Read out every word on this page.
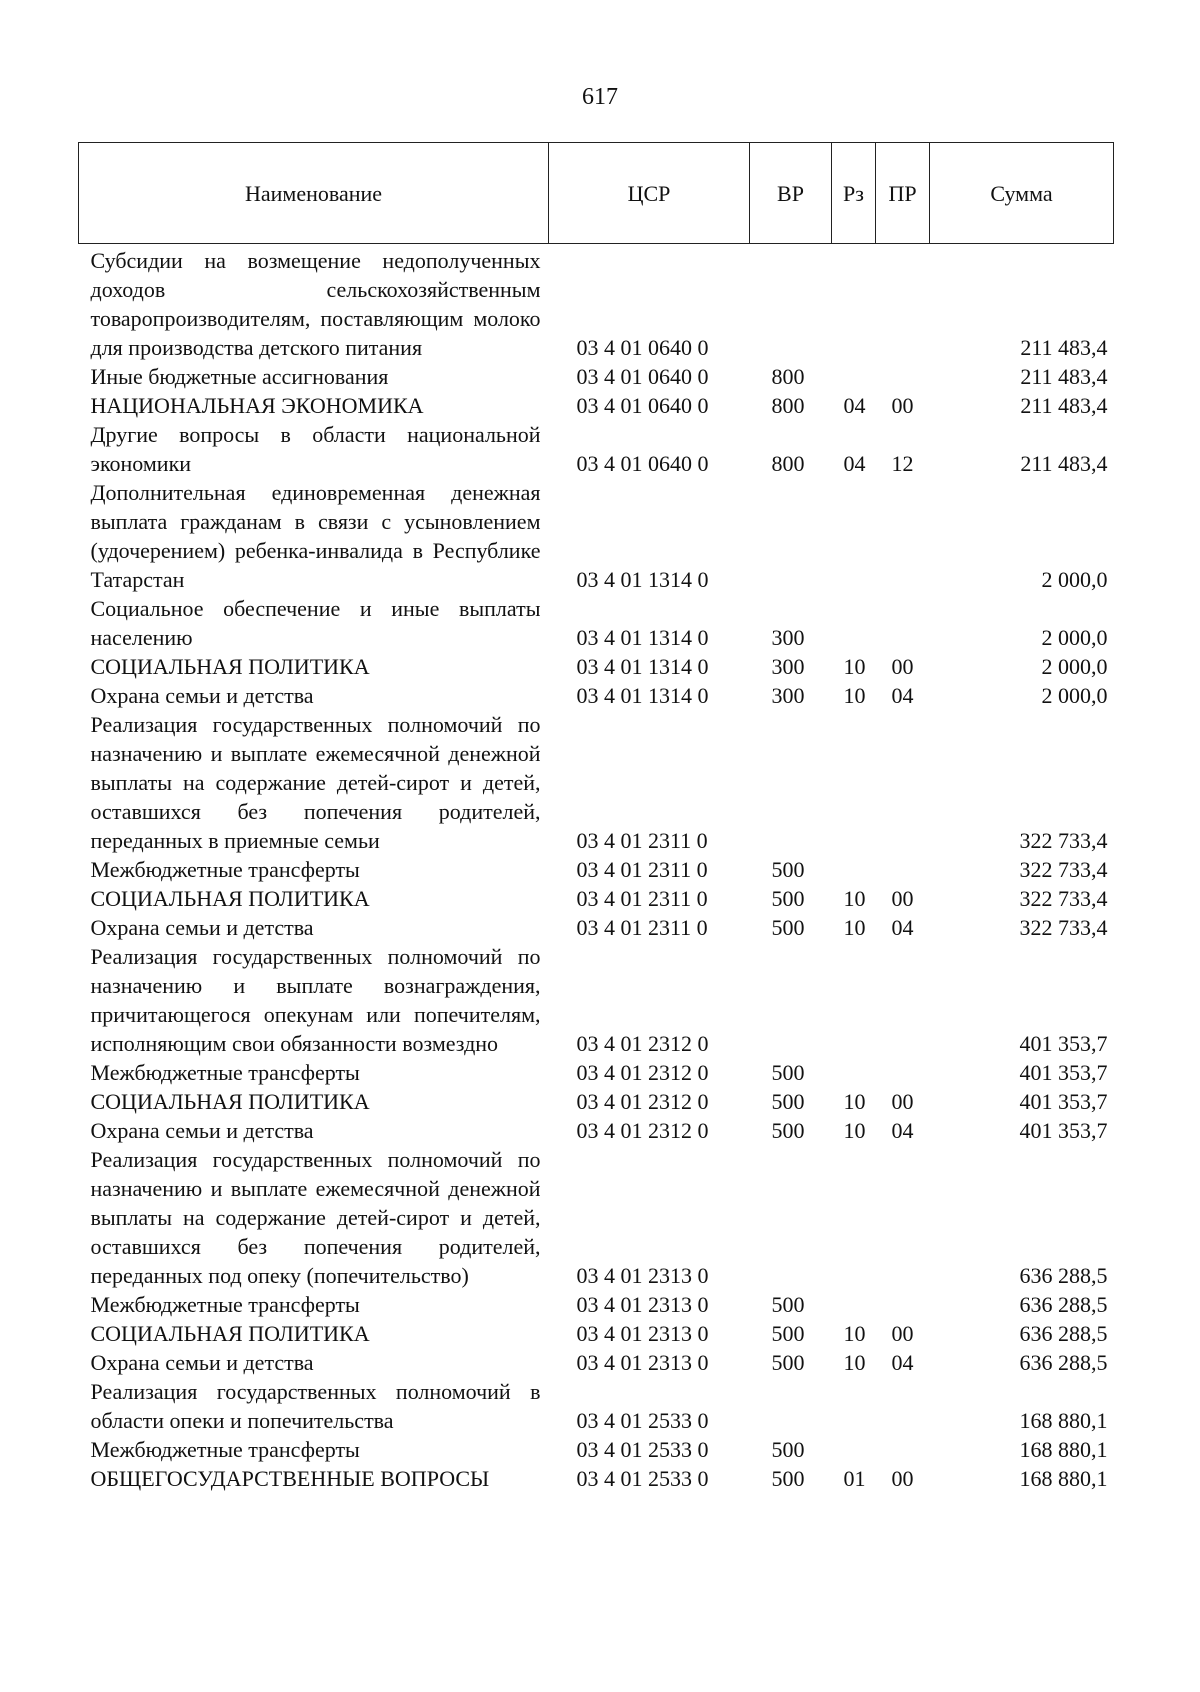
617
Наименование	ЦСР	ВР	Рз	ПР	Сумма

Субсидии на возмещение недополученных доходов сельскохозяйственным товаропроизводителям, поставляющим молоко для производства детского питания	03 4 01 0640 0				211 483,4
Иные бюджетные ассигнования	03 4 01 0640 0	800			211 483,4
НАЦИОНАЛЬНАЯ ЭКОНОМИКА	03 4 01 0640 0	800	04	00	211 483,4
Другие вопросы в области национальной экономики	03 4 01 0640 0	800	04	12	211 483,4
Дополнительная единовременная денежная выплата гражданам в связи с усыновлением (удочерением) ребенка-инвалида в Республике Татарстан	03 4 01 1314 0				2 000,0
Социальное обеспечение и иные выплаты населению	03 4 01 1314 0	300			2 000,0
СОЦИАЛЬНАЯ ПОЛИТИКА	03 4 01 1314 0	300	10	00	2 000,0
Охрана семьи и детства	03 4 01 1314 0	300	10	04	2 000,0
Реализация государственных полномочий по назначению и выплате ежемесячной денежной выплаты на содержание детей-сирот и детей, оставшихся без попечения родителей, переданных в приемные семьи	03 4 01 2311 0				322 733,4
Межбюджетные трансферты	03 4 01 2311 0	500			322 733,4
СОЦИАЛЬНАЯ ПОЛИТИКА	03 4 01 2311 0	500	10	00	322 733,4
Охрана семьи и детства	03 4 01 2311 0	500	10	04	322 733,4
Реализация государственных полномочий по назначению и выплате вознаграждения, причитающегося опекунам или попечителям, исполняющим свои обязанности возмездно	03 4 01 2312 0				401 353,7
Межбюджетные трансферты	03 4 01 2312 0	500			401 353,7
СОЦИАЛЬНАЯ ПОЛИТИКА	03 4 01 2312 0	500	10	00	401 353,7
Охрана семьи и детства	03 4 01 2312 0	500	10	04	401 353,7
Реализация государственных полномочий по назначению и выплате ежемесячной денежной выплаты на содержание детей-сирот и детей, оставшихся без попечения родителей, переданных под опеку (попечительство)	03 4 01 2313 0				636 288,5
Межбюджетные трансферты	03 4 01 2313 0	500			636 288,5
СОЦИАЛЬНАЯ ПОЛИТИКА	03 4 01 2313 0	500	10	00	636 288,5
Охрана семьи и детства	03 4 01 2313 0	500	10	04	636 288,5
Реализация государственных полномочий в области опеки и попечительства	03 4 01 2533 0				168 880,1
Межбюджетные трансферты	03 4 01 2533 0	500			168 880,1
ОБЩЕГОСУДАРСТВЕННЫЕ ВОПРОСЫ	03 4 01 2533 0	500	01	00	168 880,1
